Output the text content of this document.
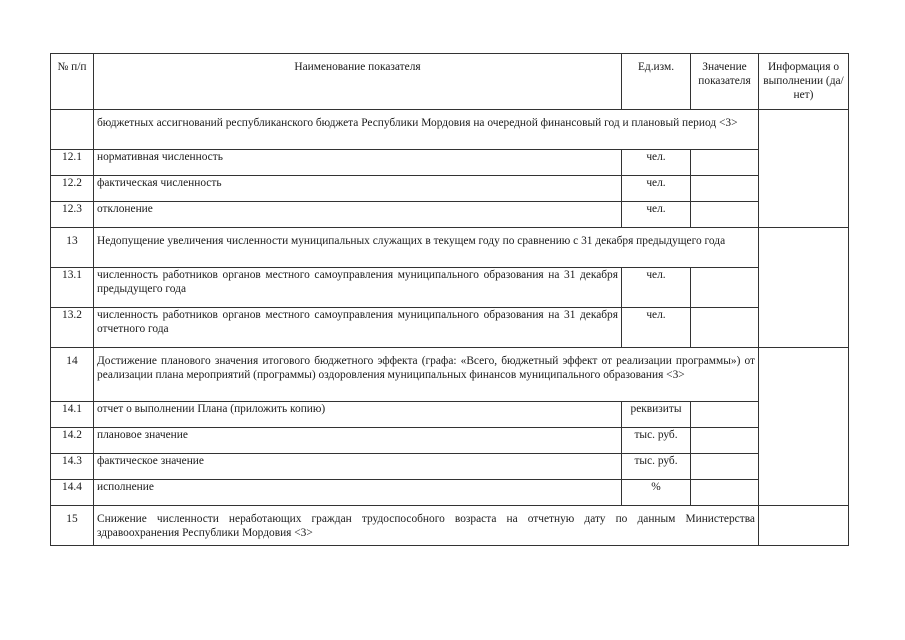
№ п/п	Наименование показателя	Ед.изм.	Значение показателя	Информация о выполнении (да/ нет)
	бюджетных ассигнований республиканского бюджета Республики Мордовия на очередной финансовый год и плановый период <3>			
12.1	нормативная численность	чел.		
12.2	фактическая численность	чел.		
12.3	отклонение	чел.		
13	Недопущение увеличения численности муниципальных служащих в текущем году по сравнению с 31 декабря предыдущего года			
13.1	численность работников органов местного самоуправления муниципального образования на 31 декабря предыдущего года	чел.		
13.2	численность работников органов местного самоуправления муниципального образования на 31 декабря отчетного года	чел.		
14	Достижение планового значения итогового бюджетного эффекта (графа: «Всего, бюджетный эффект от реализации программы») от реализации плана мероприятий (программы) оздоровления муниципальных финансов муниципального образования <3>			
14.1	отчет о выполнении Плана (приложить копию)	реквизиты		
14.2	плановое значение	тыс. руб.		
14.3	фактическое значение	тыс. руб.		
14.4	исполнение	%		
15	Снижение численности неработающих граждан трудоспособного возраста на отчетную дату по данным Министерства здравоохранения Республики Мордовия <3>			
